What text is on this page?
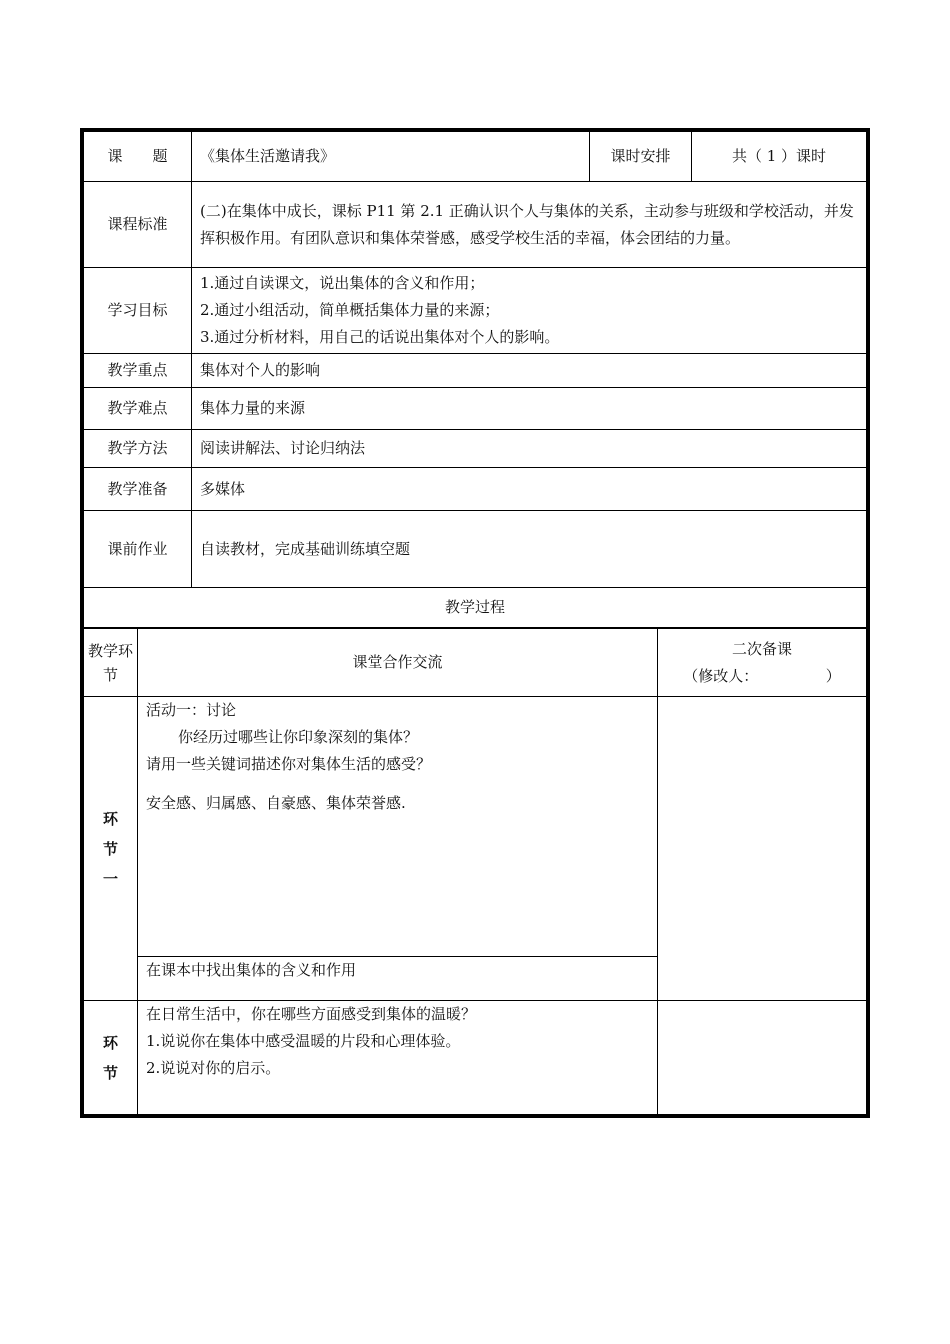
课　　题	《集体生活邀请我》	课时安排	共（ 1 ）课时
课程标准	(二)在集体中成长，课标 P11 第 2.1 正确认识个人与集体的关系，主动参与班级和学校活动，并发挥积极作用。有团队意识和集体荣誉感，感受学校生活的幸福，体会团结的力量。		
学习目标	1.通过自读课文，说出集体的含义和作用；
2.通过小组活动，简单概括集体力量的来源；
3.通过分析材料，用自己的话说出集体对个人的影响。		

教学重点	集体对个人的影响		
教学难点	集体力量的来源		
教学方法	阅读讲解法、讨论归纳法		
教学准备	多媒体		
课前作业	自读教材，完成基础训练填空题		
教学过程			
教学环节	课堂合作交流	二次备课
（修改人：　　　　　）

环
节
一	活动一：讨论
你经历过哪些让你印象深刻的集体？
请用一些关键词描述你对集体生活的感受？
安全感、归属感、自豪感、集体荣誉感.	

	在课本中找出集体的含义和作用	

环
节	在日常生活中，你在哪些方面感受到集体的温暖？
1.说说你在集体中感受温暖的片段和心理体验。
2.说说对你的启示。	
